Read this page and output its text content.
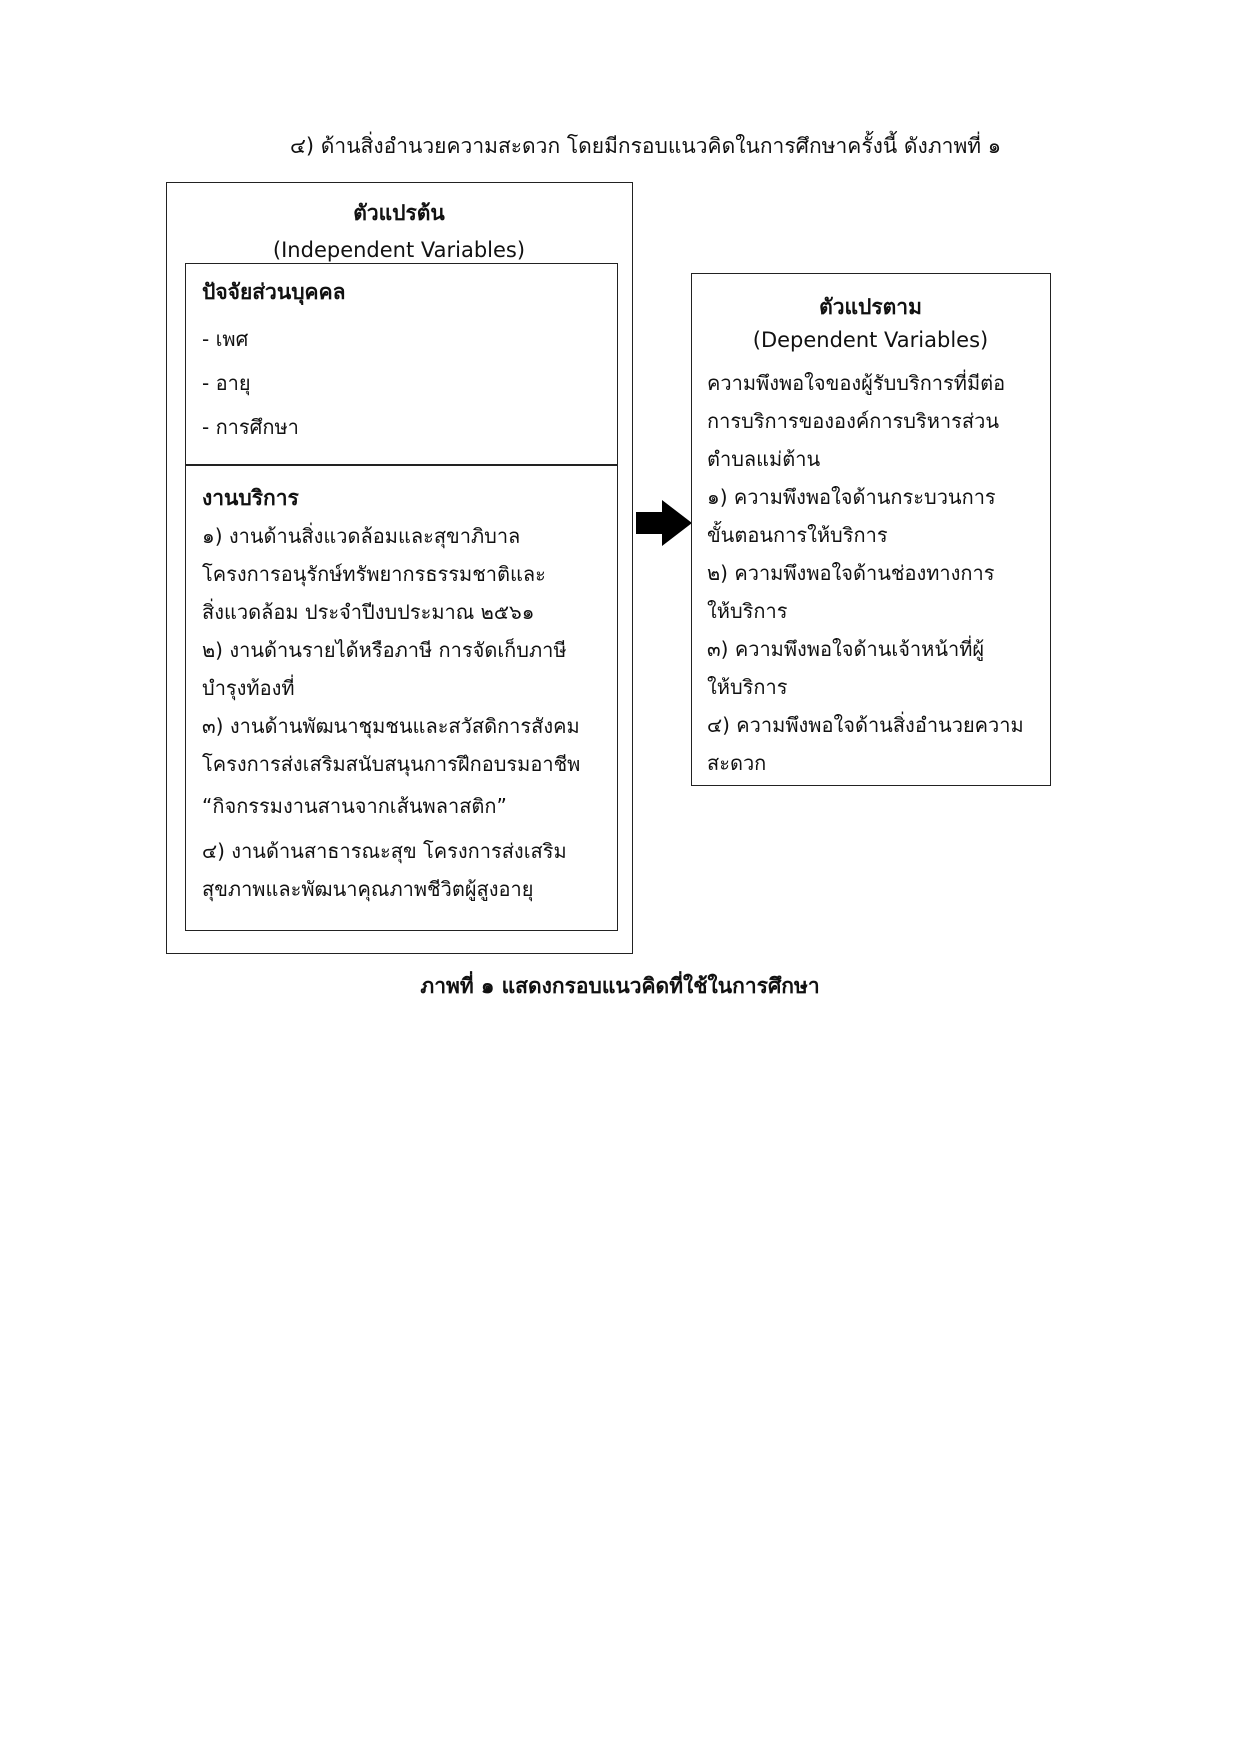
๔) ด้านสิ่งอำนวยความสะดวก โดยมีกรอบแนวคิดในการศึกษาครั้งนี้ ดังภาพที่ ๑
ตัวแปรต้น
(Independent Variables)
ปัจจัยส่วนบุคคล
- เพศ
- อายุ
- การศึกษา
งานบริการ
๑) งานด้านสิ่งแวดล้อมและสุขาภิบาล
โครงการอนุรักษ์ทรัพยากรธรรมชาติและ
สิ่งแวดล้อม ประจำปีงบประมาณ ๒๕๖๑
๒) งานด้านรายได้หรือภาษี การจัดเก็บภาษี
บำรุงท้องที่
๓) งานด้านพัฒนาชุมชนและสวัสดิการสังคม
โครงการส่งเสริมสนับสนุนการฝึกอบรมอาชีพ
“กิจกรรมงานสานจากเส้นพลาสติก”
๔) งานด้านสาธารณะสุข โครงการส่งเสริม
สุขภาพและพัฒนาคุณภาพชีวิตผู้สูงอายุ
ตัวแปรตาม
(Dependent Variables)
ความพึงพอใจของผู้รับบริการที่มีต่อ
การบริการขององค์การบริหารส่วน
ตำบลแม่ต้าน
๑) ความพึงพอใจด้านกระบวนการ
ขั้นตอนการให้บริการ
๒) ความพึงพอใจด้านช่องทางการ
ให้บริการ
๓) ความพึงพอใจด้านเจ้าหน้าที่ผู้
ให้บริการ
๔) ความพึงพอใจด้านสิ่งอำนวยความ
สะดวก
ภาพที่ ๑ แสดงกรอบแนวคิดที่ใช้ในการศึกษา
